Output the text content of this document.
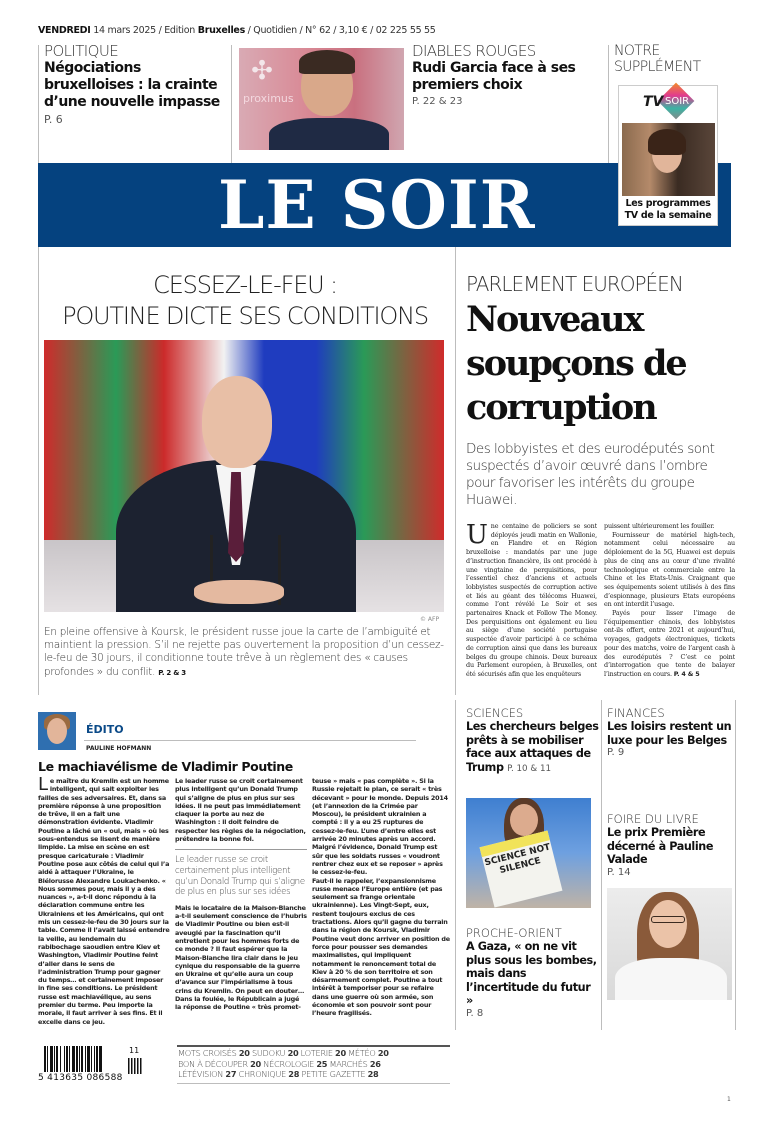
VENDREDI 14 mars 2025 / Edition Bruxelles / Quotidien / N° 62 / 3,10 € / 02 225 55 55
POLITIQUE
Négociations bruxelloises : la crainte d’une nouvelle impasse P. 6
✣
proximus
DIABLES ROUGES
Rudi Garcia face à ses premiers choix
P. 22 & 23
NOTRE SUPPLÉMENT
TV SOIR
Les programmes TV de la semaine
LE SOIR
CESSEZ-LE-FEU :
POUTINE DICTE SES CONDITIONS
© AFP
En pleine offensive à Koursk, le président russe joue la carte de l’ambiguïté et maintient la pression. S’il ne rejette pas ouvertement la proposition d’un cessez-le-feu de 30 jours, il conditionne toute trêve à un règlement des « causes profondes » du conflit. P. 2 & 3
PARLEMENT EUROPÉEN
Nouveaux soupçons de corruption
Des lobbyistes et des eurodéputés sont suspectés d’avoir œuvré dans l’ombre pour favoriser les intérêts du groupe Huawei.
U ne centaine de policiers se sont déployés jeudi matin en Wallonie, en Flandre et en Région bruxelloise : mandatés par une juge d’instruction financière, ils ont procédé à une vingtaine de perquisitions, pour l’essentiel chez d’anciens et actuels lobbyistes suspectés de corruption active et liés au géant des télécoms Huawei, comme l’ont révélé Le Soir et ses partenaires Knack et Follow The Money. Des perquisitions ont également eu lieu au siège d’une société portugaise suspectée d’avoir participé à ce schéma de corruption ainsi que dans les bureaux belges du groupe chinois. Deux bureaux du Parlement européen, à Bruxelles, ont été sécurisés afin que les enquêteurs
puissent ultérieurement les fouiller.
Fournisseur de matériel high-tech, notamment celui nécessaire au déploiement de la 5G, Huawei est depuis plus de cinq ans au cœur d’une rivalité technologique et commerciale entre la Chine et les Etats-Unis. Craignant que ses équipements soient utilisés à des fins d’espionnage, plusieurs Etats européens en ont interdit l’usage.
Payés pour lisser l’image de l’équipementier chinois, des lobbyistes ont-ils offert, entre 2021 et aujourd’hui, voyages, gadgets électroniques, tickets pour des matchs, voire de l’argent cash à des eurodéputés ? C’est ce point d’interrogation que tente de balayer l’instruction en cours. P. 4 & 5
ÉDITO
PAULINE HOFMANN
Le machiavélisme de Vladimir Poutine
L e maître du Kremlin est un homme intelligent, qui sait exploiter les failles de ses adversaires. Et, dans sa première réponse à une proposition de trêve, il en a fait une démonstration évidente. Vladimir Poutine a lâché un « oui, mais » où les sous-entendus se lisent de manière limpide. La mise en scène en est presque caricaturale : Vladimir Poutine pose aux côtés de celui qui l’a aidé à attaquer l’Ukraine, le Biélorusse Alexandre Loukachenko. « Nous sommes pour, mais il y a des nuances », a-t-il donc répondu à la déclaration commune entre les Ukrainiens et les Américains, qui ont mis un cessez-le-feu de 30 jours sur la table. Comme il l’avait laissé entendre la veille, au lendemain du rabibochage saoudien entre Kiev et Washington, Vladimir Poutine feint d’aller dans le sens de l’administration Trump pour gagner du temps… et certainement imposer in fine ses conditions. Le président russe est machiavélique, au sens premier du terme. Peu importe la morale, il faut arriver à ses fins. Et il excelle dans ce jeu.
Le leader russe se croit certainement plus intelligent qu’un Donald Trump qui s’aligne de plus en plus sur ses idées. Il ne peut pas immédiatement claquer la porte au nez de Washington : il doit feindre de respecter les règles de la négociation, prétendre la bonne foi.
Le leader russe se croit certainement plus intelligent qu’un Donald Trump qui s’aligne de plus en plus sur ses idées
Mais le locataire de la Maison-Blanche a-t-il seulement conscience de l’hubris de Vladimir Poutine ou bien est-il aveuglé par la fascination qu’il entretient pour les hommes forts de ce monde ? Il faut espérer que la Maison-Blanche lira clair dans le jeu cynique du responsable de la guerre en Ukraine et qu’elle aura un coup d’avance sur l’impérialisme à tous crins du Kremlin. On peut en douter… Dans la foulée, le Républicain a jugé la réponse de Poutine « très promet-
teuse » mais « pas complète ». Si la Russie rejetait le plan, ce serait « très décevant » pour le monde. Depuis 2014 (et l’annexion de la Crimée par Moscou), le président ukrainien a compté : il y a eu 25 ruptures de cessez-le-feu. L’une d’entre elles est arrivée 20 minutes après un accord. Malgré l’évidence, Donald Trump est sûr que les soldats russes « voudront rentrer chez eux et se reposer » après le cessez-le-feu.
Faut-il le rappeler, l’expansionnisme russe menace l’Europe entière (et pas seulement sa frange orientale ukrainienne). Les Vingt-Sept, eux, restent toujours exclus de ces tractations. Alors qu’il gagne du terrain dans la région de Koursk, Vladimir Poutine veut donc arriver en position de force pour pousser ses demandes maximalistes, qui impliquent notamment le renoncement total de Kiev à 20 % de son territoire et son désarmement complet. Poutine a tout intérêt à temporiser pour se refaire dans une guerre où son armée, son économie et son pouvoir sont pour l’heure fragilisés.
SCIENCES
Les chercheurs belges prêts à se mobiliser face aux attaques de Trump P. 10 & 11
SCIENCE NOT SILENCE
PROCHE-ORIENT
A Gaza, « on ne vit plus sous les bombes, mais dans l’incertitude du futur »
P. 8
FINANCES
Les loisirs restent un luxe pour les Belges
P. 9
FOIRE DU LIVRE
Le prix Première décerné à Pauline Valade
P. 14
5 413635 086588
11	MOTS CROISÉS 20 SUDOKU 20 LOTERIE 20 MÉTÉO 20
BON À DÉCOUPER 20 NÉCROLOGIE 25 MARCHÉS 26
LÉTÉVISION 27 CHRONIQUE 28 PETITE GAZETTE 28
1
